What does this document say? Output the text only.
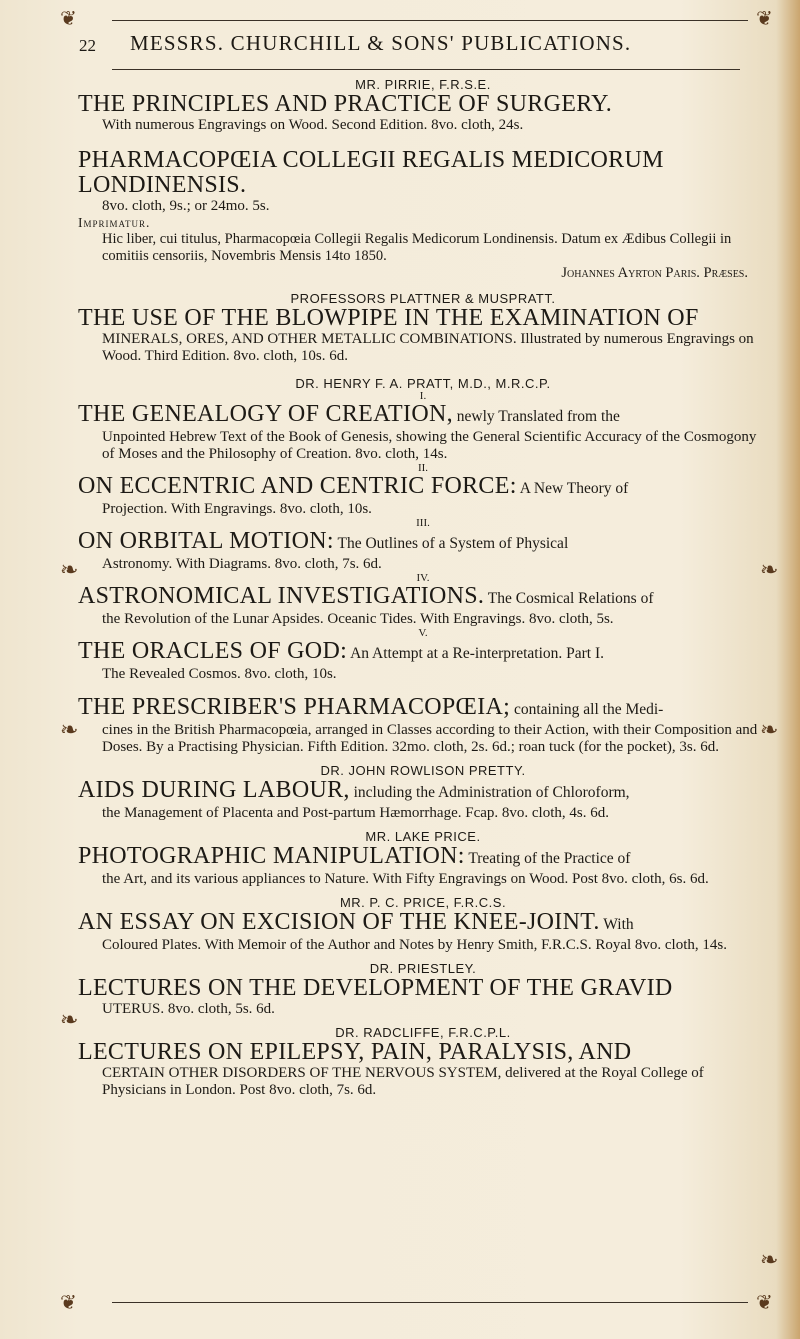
❦	❦
❧
❧
❧
❧
❧
❧
22 MESSRS. CHURCHILL & SONS' PUBLICATIONS.

MR. PIRRIE, F.R.S.E.

THE PRINCIPLES AND PRACTICE OF SURGERY.

With numerous Engravings on Wood. Second Edition. 8vo. cloth, 24s.

PHARMACOPŒIA COLLEGII REGALIS MEDICORUM LONDINENSIS.

8vo. cloth, 9s.; or 24mo. 5s.

Imprimatur.

Hic liber, cui titulus, Pharmacopœia Collegii Regalis Medicorum Londinensis. Datum ex Ædibus Collegii in comitiis censoriis, Novembris Mensis 14to 1850.

Johannes Ayrton Paris. Præses.

PROFESSORS PLATTNER & MUSPRATT.

THE USE OF THE BLOWPIPE IN THE EXAMINATION OF

MINERALS, ORES, AND OTHER METALLIC COMBINATIONS. Illustrated by numerous Engravings on Wood. Third Edition. 8vo. cloth, 10s. 6d.

DR. HENRY F. A. PRATT, M.D., M.R.C.P.

I.

THE GENEALOGY OF CREATION, newly Translated from the

Unpointed Hebrew Text of the Book of Genesis, showing the General Scientific Accuracy of the Cosmogony of Moses and the Philosophy of Creation. 8vo. cloth, 14s.

II.

ON ECCENTRIC AND CENTRIC FORCE: A New Theory of

Projection. With Engravings. 8vo. cloth, 10s.

III.

ON ORBITAL MOTION: The Outlines of a System of Physical

Astronomy. With Diagrams. 8vo. cloth, 7s. 6d.

IV.

ASTRONOMICAL INVESTIGATIONS. The Cosmical Relations of

the Revolution of the Lunar Apsides. Oceanic Tides. With Engravings. 8vo. cloth, 5s.

V.

THE ORACLES OF GOD: An Attempt at a Re-interpretation. Part I.

The Revealed Cosmos. 8vo. cloth, 10s.

THE PRESCRIBER'S PHARMACOPŒIA; containing all the Medi-

cines in the British Pharmacopœia, arranged in Classes according to their Action, with their Composition and Doses. By a Practising Physician. Fifth Edition. 32mo. cloth, 2s. 6d.; roan tuck (for the pocket), 3s. 6d.

DR. JOHN ROWLISON PRETTY.

AIDS DURING LABOUR, including the Administration of Chloroform,

the Management of Placenta and Post-partum Hæmorrhage. Fcap. 8vo. cloth, 4s. 6d.

MR. LAKE PRICE.

PHOTOGRAPHIC MANIPULATION: Treating of the Practice of

the Art, and its various appliances to Nature. With Fifty Engravings on Wood. Post 8vo. cloth, 6s. 6d.

MR. P. C. PRICE, F.R.C.S.

AN ESSAY ON EXCISION OF THE KNEE-JOINT. With

Coloured Plates. With Memoir of the Author and Notes by Henry Smith, F.R.C.S. Royal 8vo. cloth, 14s.

DR. PRIESTLEY.

LECTURES ON THE DEVELOPMENT OF THE GRAVID

UTERUS. 8vo. cloth, 5s. 6d.

DR. RADCLIFFE, F.R.C.P.L.

LECTURES ON EPILEPSY, PAIN, PARALYSIS, AND

CERTAIN OTHER DISORDERS OF THE NERVOUS SYSTEM, delivered at the Royal College of Physicians in London. Post 8vo. cloth, 7s. 6d.

❦	❦
